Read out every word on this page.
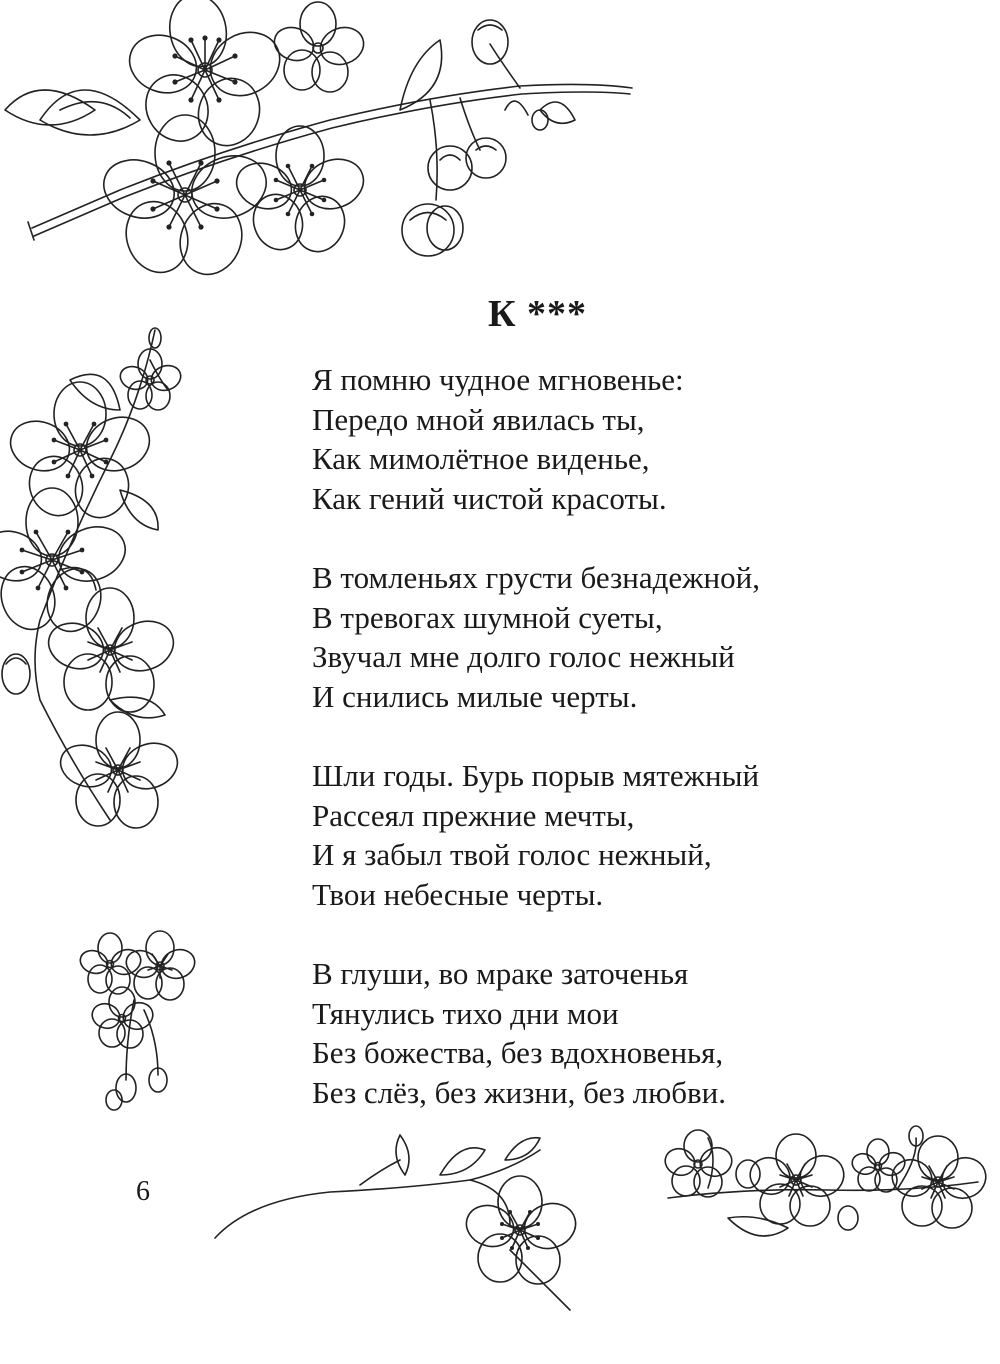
К ***
Я помню чудное мгновенье:
Передо мной явилась ты,
Как мимолётное виденье,
Как гений чистой красоты.
В томленьях грусти безнадежной,
В тревогах шумной суеты,
Звучал мне долго голос нежный
И снились милые черты.
Шли годы. Бурь порыв мятежный
Рассеял прежние мечты,
И я забыл твой голос нежный,
Твои небесные черты.
В глуши, во мраке заточенья
Тянулись тихо дни мои
Без божества, без вдохновенья,
Без слёз, без жизни, без любви.
6
